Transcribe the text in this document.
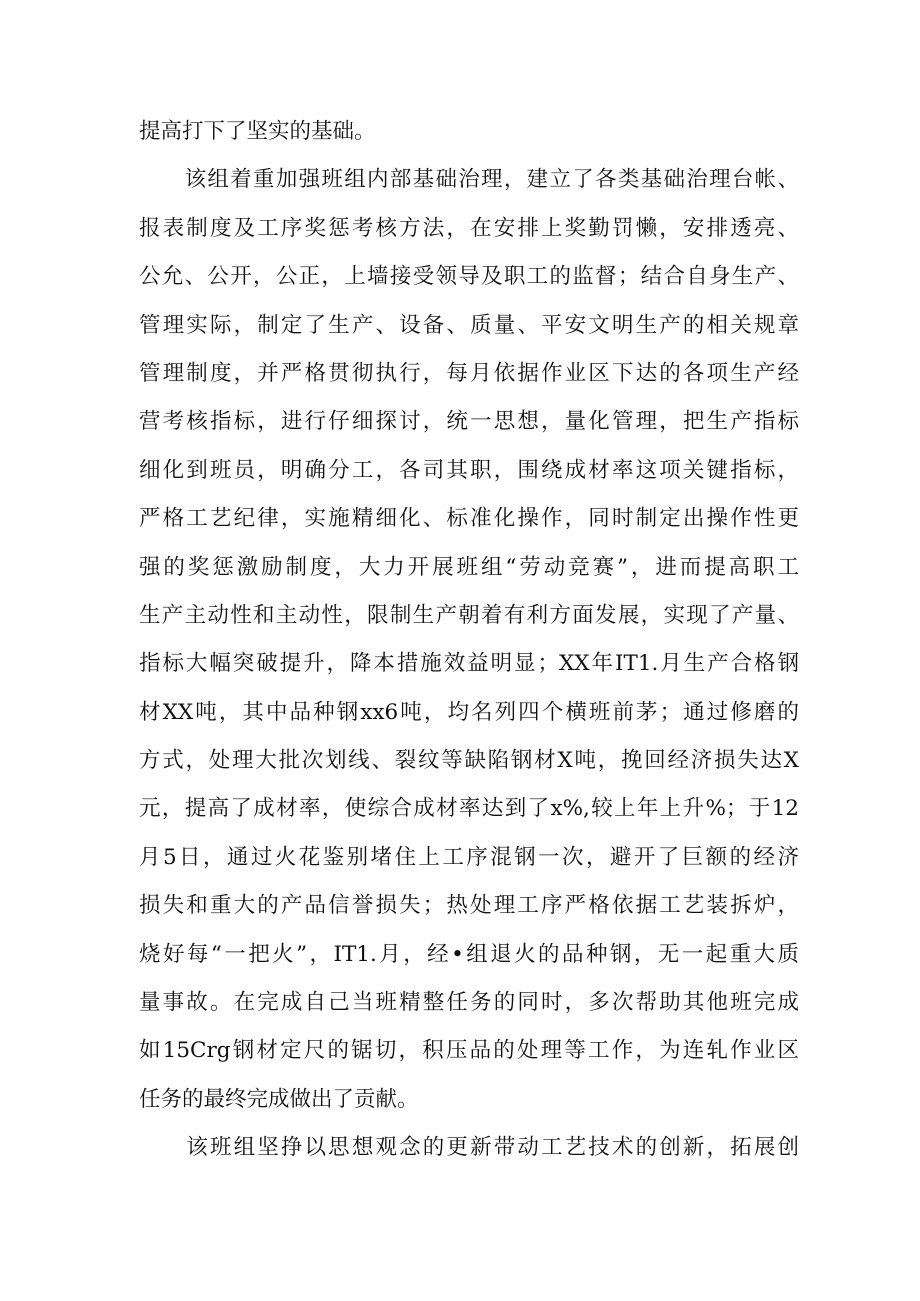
提高打下了坚实的基础。
　　该组着重加强班组内部基础治理，建立了各类基础治理台帐、
报表制度及工序奖惩考核方法，在安排上奖勤罚懒，安排透亮、
公允、公开，公正，上墙接受领导及职工的监督；结合自身生产、
管理实际，制定了生产、设备、质量、平安文明生产的相关规章
管理制度，并严格贯彻执行，每月依据作业区下达的各项生产经
营考核指标，进行仔细探讨，统一思想，量化管理，把生产指标
细化到班员，明确分工，各司其职，围绕成材率这项关键指标，
严格工艺纪律，实施精细化、标准化操作，同时制定出操作性更
强的奖惩激励制度，大力开展班组“劳动竞赛”，进而提高职工
生产主动性和主动性，限制生产朝着有利方面发展，实现了产量、
指标大幅突破提升，降本措施效益明显；XX年IT1.月生产合格钢
材XX吨，其中品种钢xx6吨，均名列四个横班前茅；通过修磨的
方式，处理大批次划线、裂纹等缺陷钢材X吨，挽回经济损失达X
元，提高了成材率，使综合成材率达到了x%,较上年上升%；于12
月5日，通过火花鉴别堵住上工序混钢一次，避开了巨额的经济
损失和重大的产品信誉损失；热处理工序严格依据工艺装拆炉，
烧好每“一把火”，IT1.月，经•组退火的品种钢，无一起重大质
量事故。在完成自己当班精整任务的同时，多次帮助其他班完成
如15Crg钢材定尺的锯切，积压品的处理等工作，为连轧作业区
任务的最终完成做出了贡献。
　　该班组坚挣以思想观念的更新带动工艺技术的创新，拓展创
